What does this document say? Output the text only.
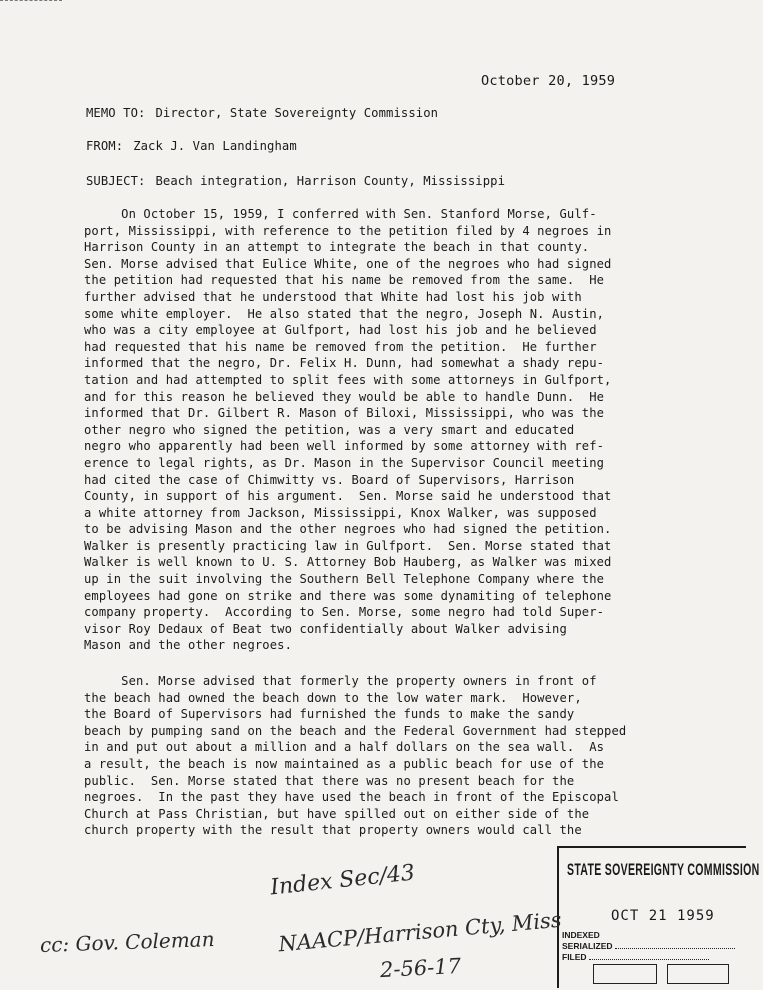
October 20, 1959
MEMO TO: Director, State Sovereignty Commission
FROM: Zack J. Van Landingham
SUBJECT: Beach integration, Harrison County, Mississippi
On October 15, 1959, I conferred with Sen. Stanford Morse, Gulf-
port, Mississippi, with reference to the petition filed by 4 negroes in
Harrison County in an attempt to integrate the beach in that county.
Sen. Morse advised that Eulice White, one of the negroes who had signed
the petition had requested that his name be removed from the same.  He
further advised that he understood that White had lost his job with
some white employer.  He also stated that the negro, Joseph N. Austin,
who was a city employee at Gulfport, had lost his job and he believed
had requested that his name be removed from the petition.  He further
informed that the negro, Dr. Felix H. Dunn, had somewhat a shady repu-
tation and had attempted to split fees with some attorneys in Gulfport,
and for this reason he believed they would be able to handle Dunn.  He
informed that Dr. Gilbert R. Mason of Biloxi, Mississippi, who was the
other negro who signed the petition, was a very smart and educated
negro who apparently had been well informed by some attorney with ref-
erence to legal rights, as Dr. Mason in the Supervisor Council meeting
had cited the case of Chimwitty vs. Board of Supervisors, Harrison
County, in support of his argument.  Sen. Morse said he understood that
a white attorney from Jackson, Mississippi, Knox Walker, was supposed
to be advising Mason and the other negroes who had signed the petition.
Walker is presently practicing law in Gulfport.  Sen. Morse stated that
Walker is well known to U. S. Attorney Bob Hauberg, as Walker was mixed
up in the suit involving the Southern Bell Telephone Company where the
employees had gone on strike and there was some dynamiting of telephone
company property.  According to Sen. Morse, some negro had told Super-
visor Roy Dedaux of Beat two confidentially about Walker advising
Mason and the other negroes.
Sen. Morse advised that formerly the property owners in front of
the beach had owned the beach down to the low water mark.  However,
the Board of Supervisors had furnished the funds to make the sandy
beach by pumping sand on the beach and the Federal Government had stepped
in and put out about a million and a half dollars on the sea wall.  As
a result, the beach is now maintained as a public beach for use of the
public.  Sen. Morse stated that there was no present beach for the
negroes.  In the past they have used the beach in front of the Episcopal
Church at Pass Christian, but have spilled out on either side of the
church property with the result that property owners would call the
STATE SOVEREIGNTY COMMISSION
OCT 21 1959
INDEXED
SERIALIZED
FILED
Index Sec/43
cc: Gov. Coleman	NAACP/Harrison Cty, Miss
2-56-17
